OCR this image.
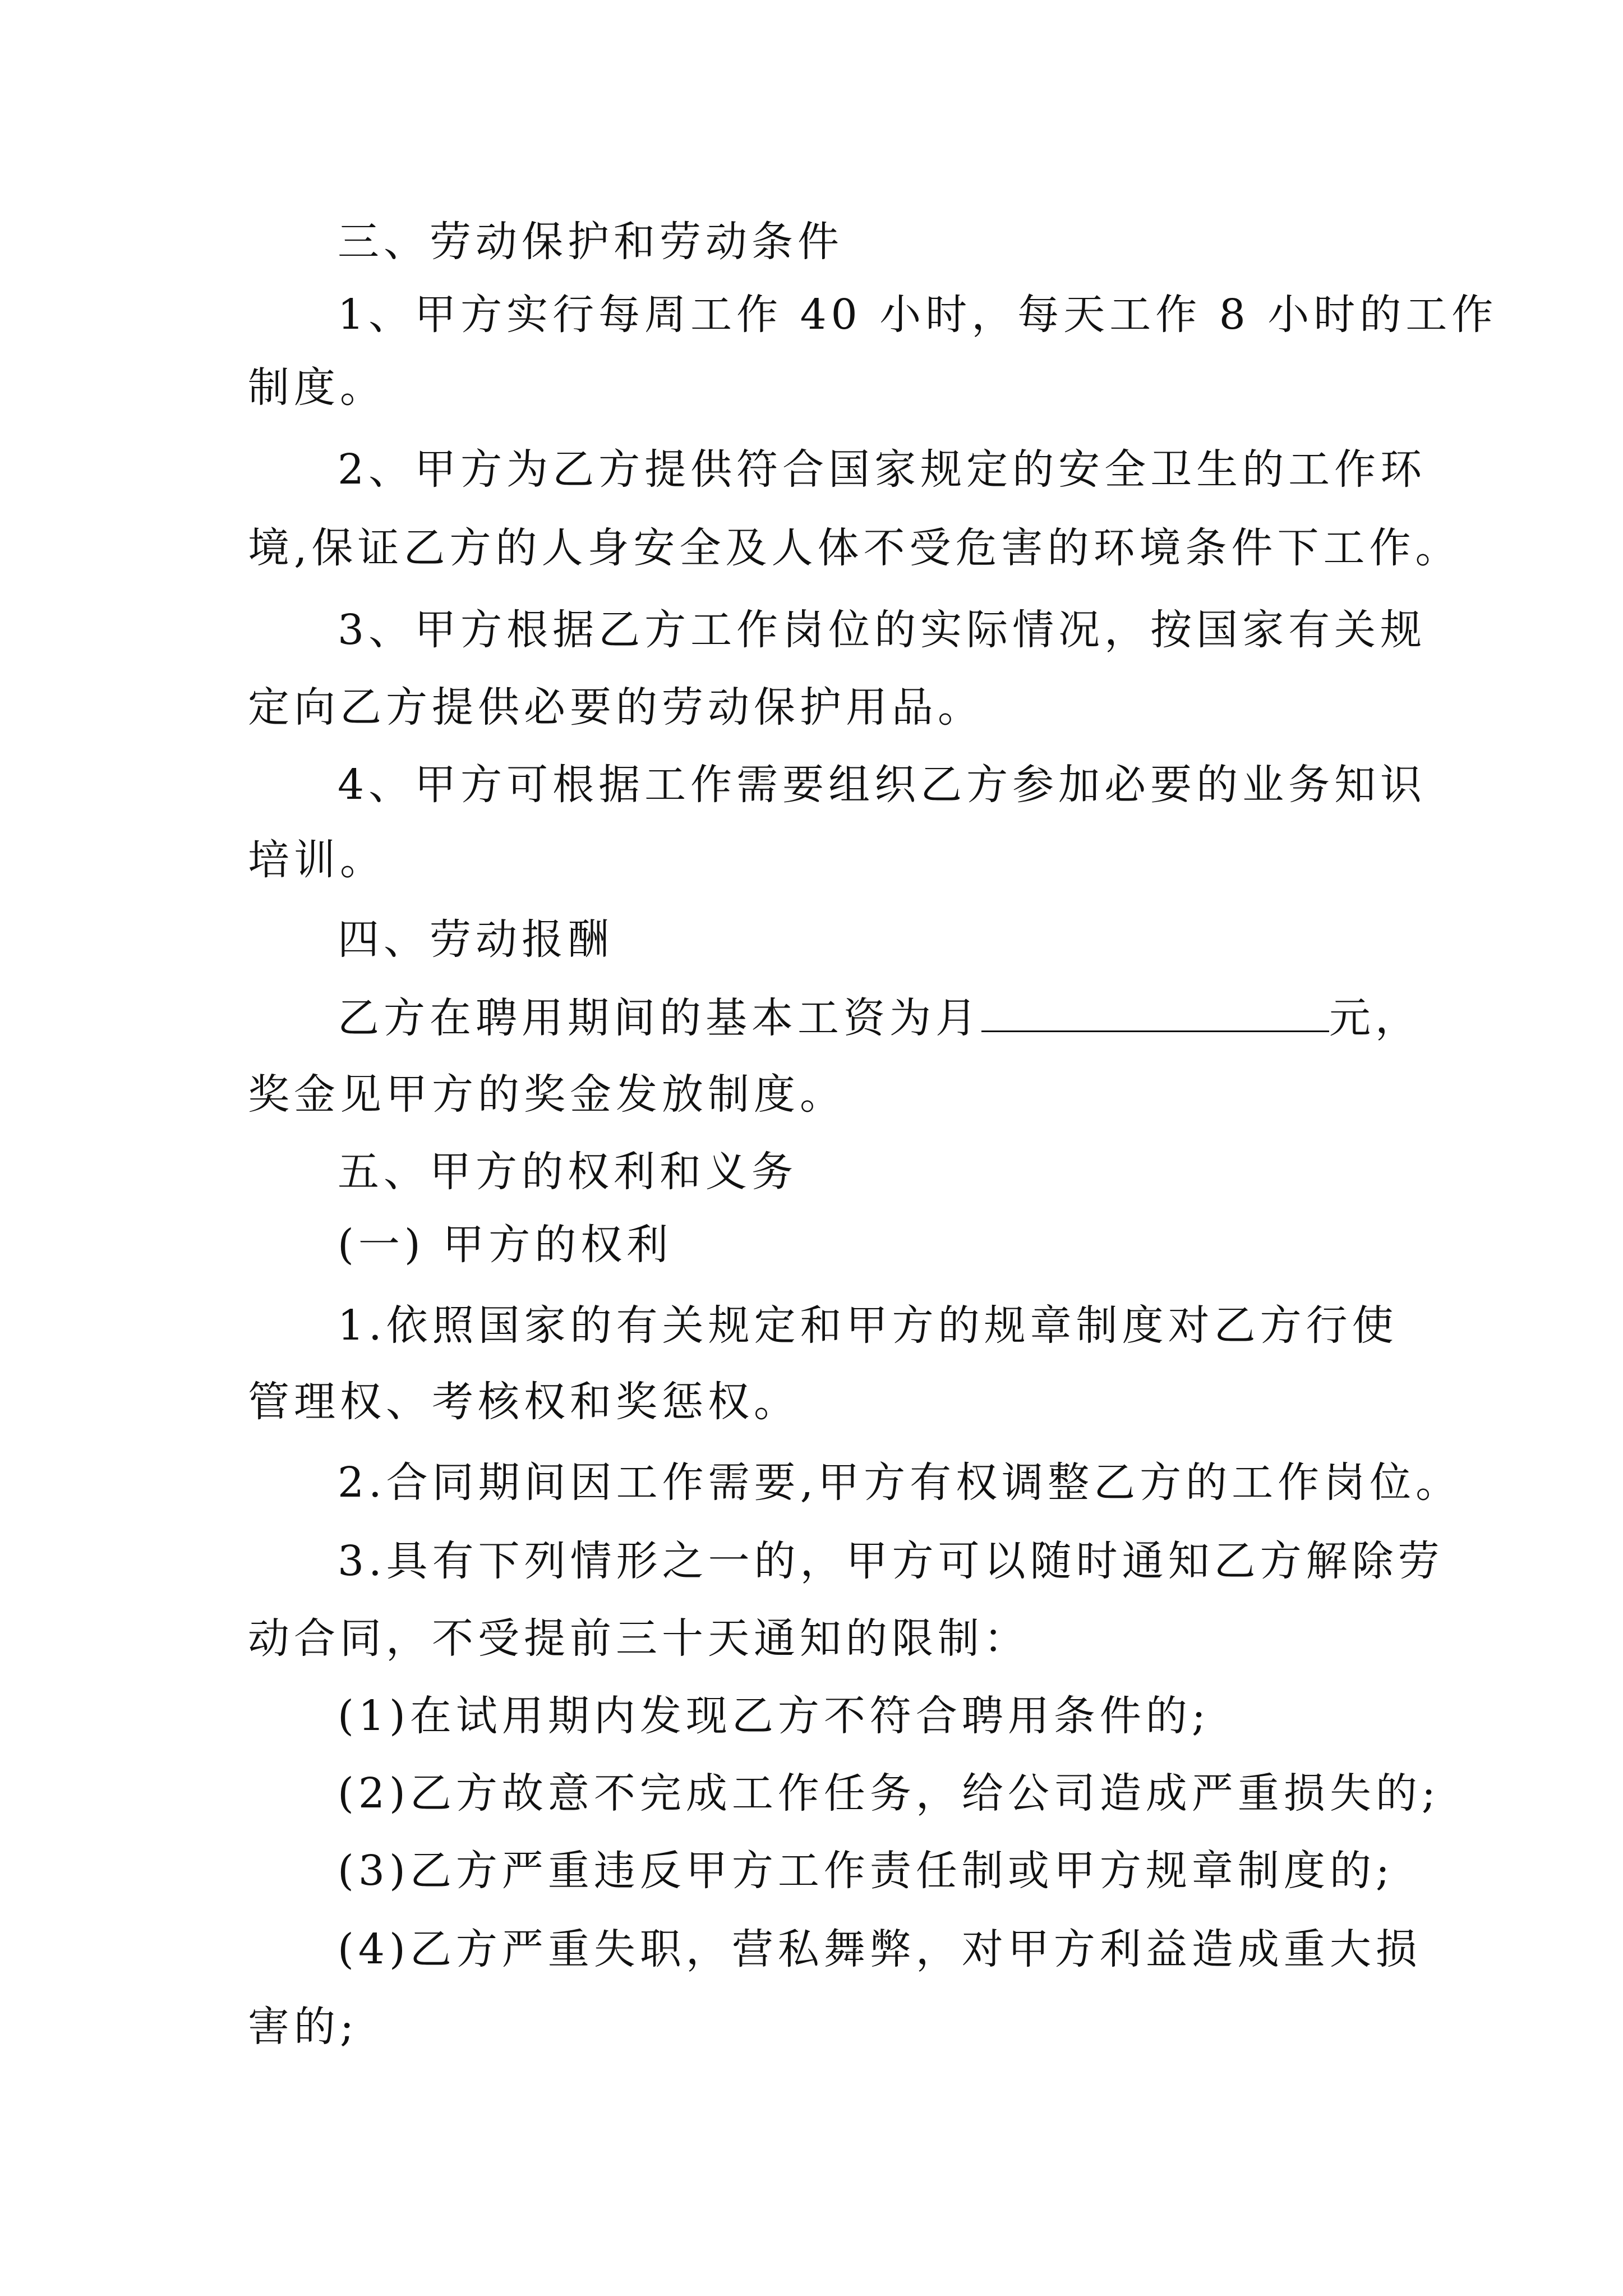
三、劳动保护和劳动条件
1、甲方实行每周工作 40 小时，每天工作 8 小时的工作
制度。
2、甲方为乙方提供符合国家规定的安全卫生的工作环
境,保证乙方的人身安全及人体不受危害的环境条件下工作。
3、甲方根据乙方工作岗位的实际情况，按国家有关规
定向乙方提供必要的劳动保护用品。
4、甲方可根据工作需要组织乙方参加必要的业务知识
培训。
四、劳动报酬
乙方在聘用期间的基本工资为月	元，
奖金见甲方的奖金发放制度。
五、甲方的权利和义务
(一) 甲方的权利
1.依照国家的有关规定和甲方的规章制度对乙方行使
管理权、考核权和奖惩权。
2.合同期间因工作需要,甲方有权调整乙方的工作岗位。
3.具有下列情形之一的，甲方可以随时通知乙方解除劳
动合同，不受提前三十天通知的限制：
(1)在试用期内发现乙方不符合聘用条件的;
(2)乙方故意不完成工作任务，给公司造成严重损失的;
(3)乙方严重违反甲方工作责任制或甲方规章制度的;
(4)乙方严重失职，营私舞弊，对甲方利益造成重大损
害的;
